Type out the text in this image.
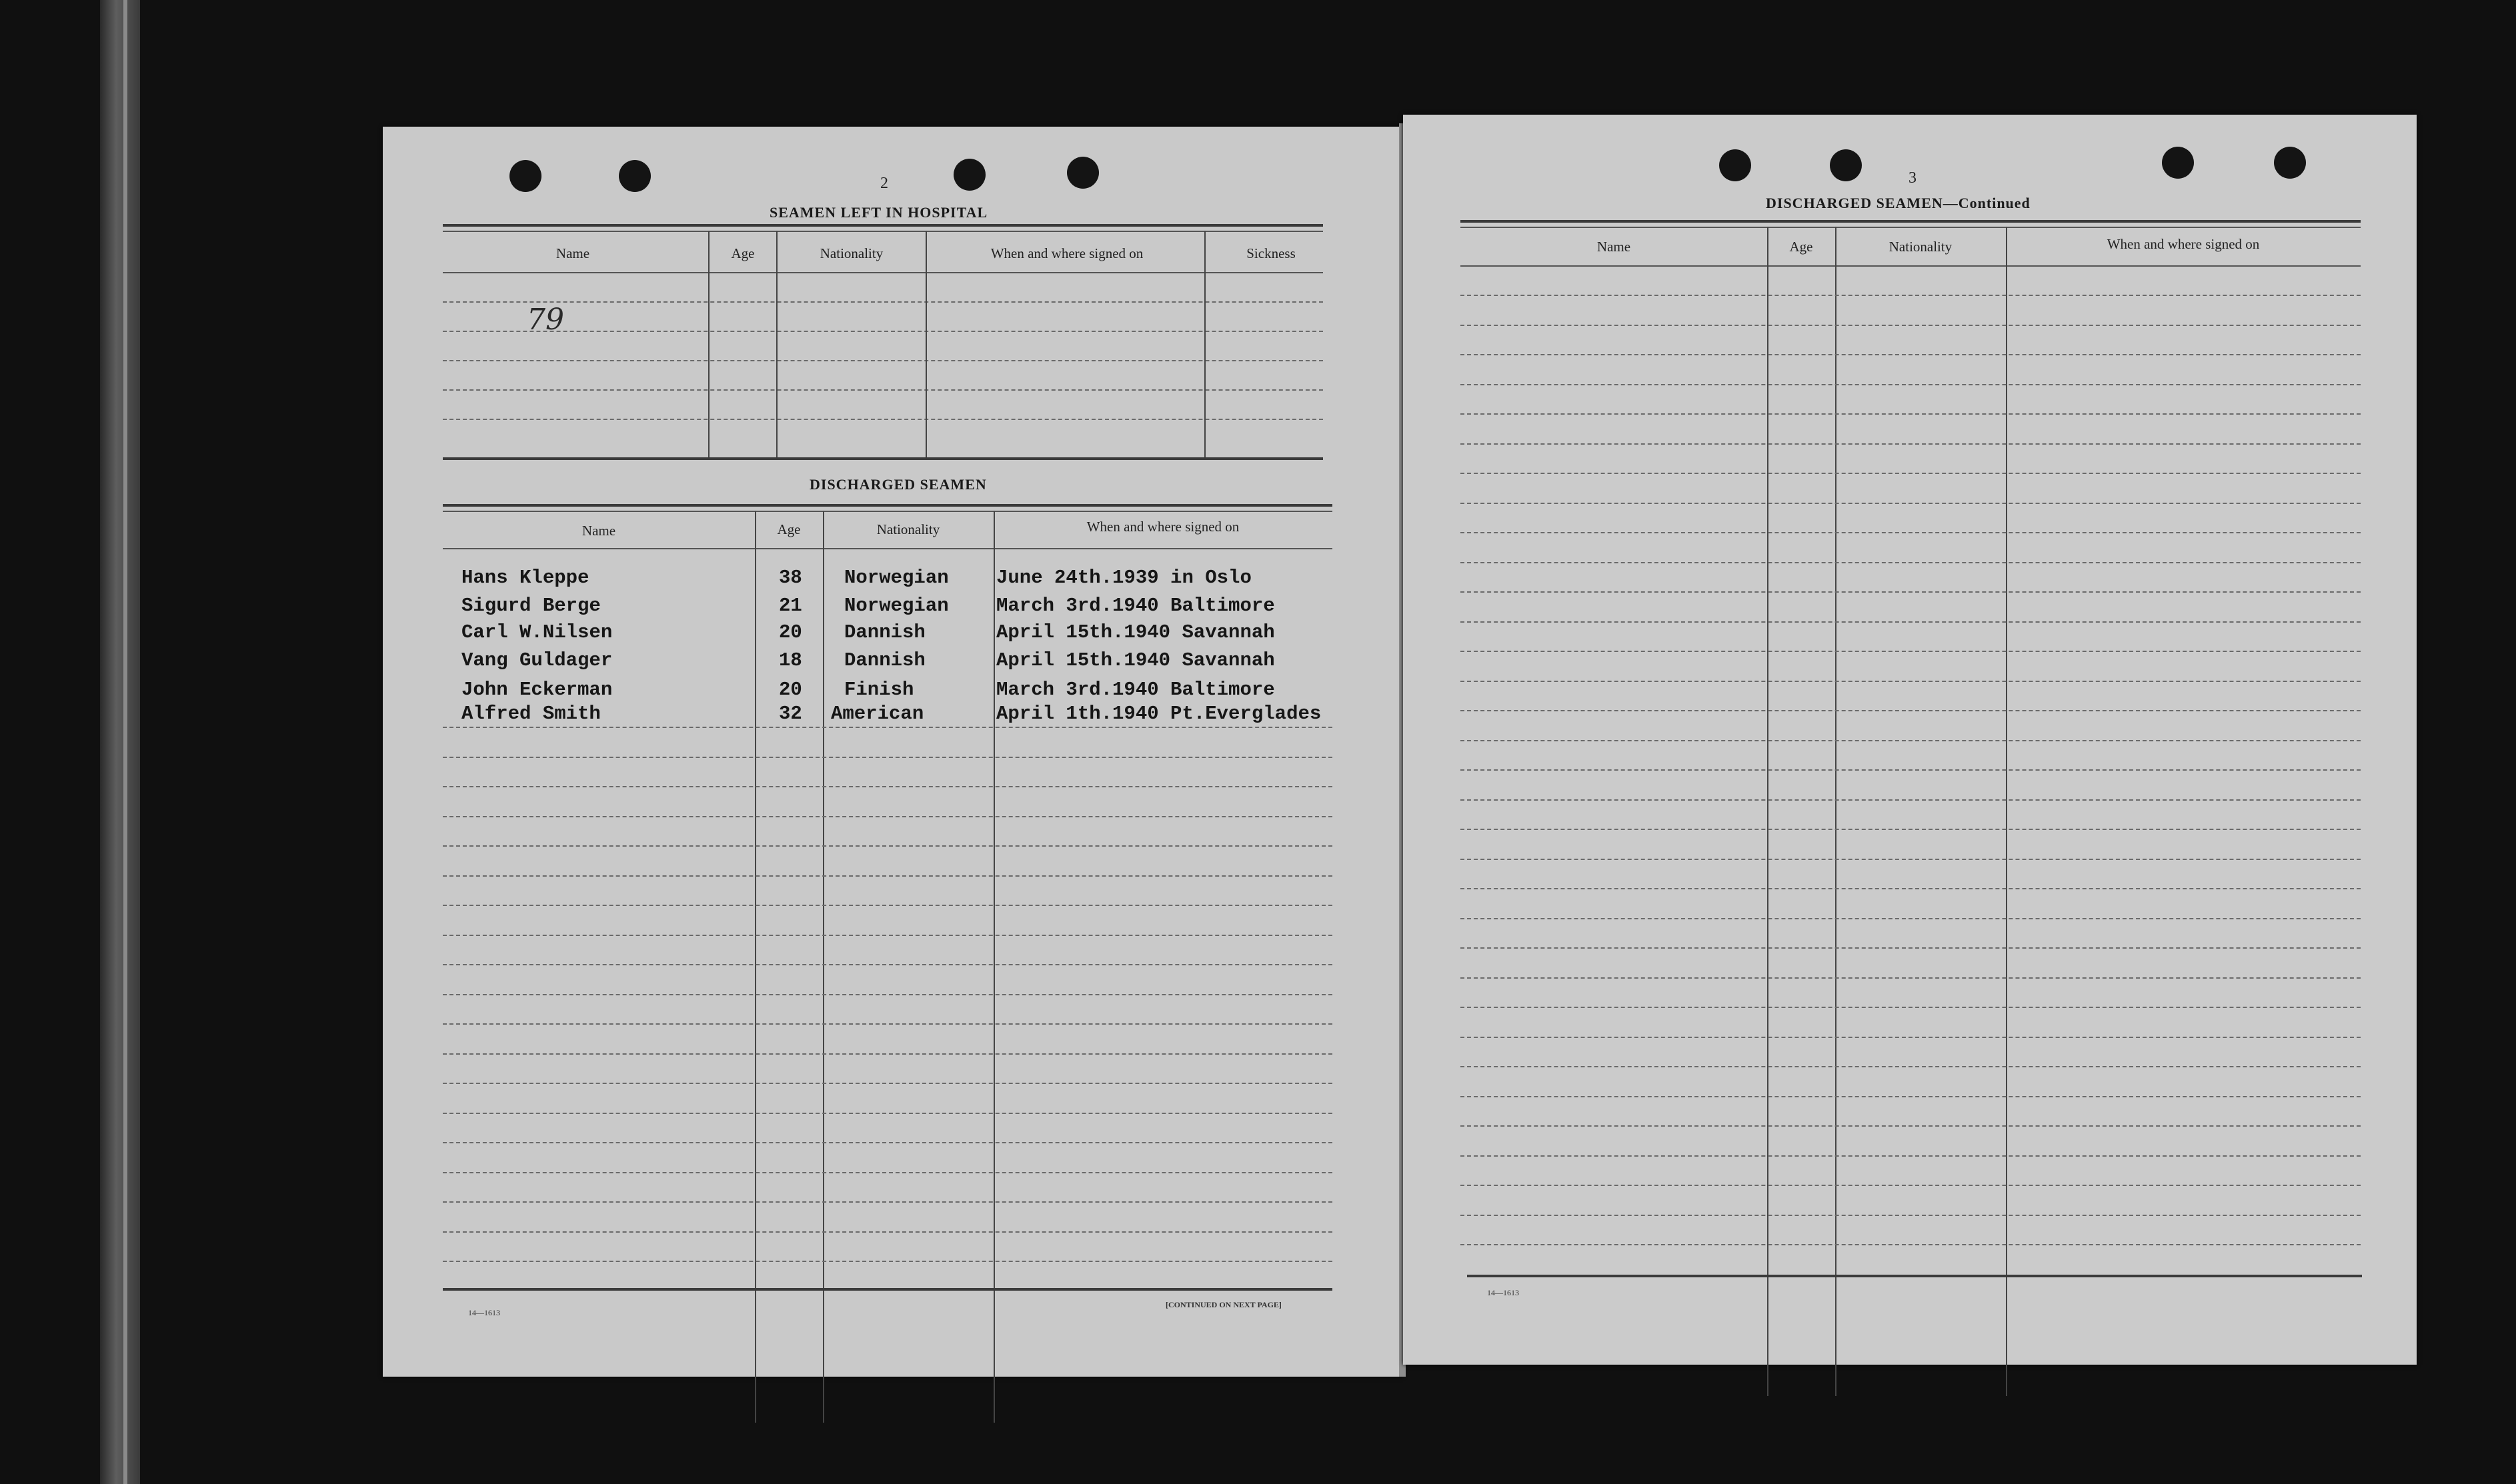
2
SEAMEN LEFT IN HOSPITAL
Name	Age	Nationality	When and where signed on	Sickness
79
DISCHARGED SEAMEN
Name	Age	Nationality	When and where signed on
Hans Kleppe	38 Norwegian June 24th.1939 in Oslo
Sigurd Berge	21 Norwegian March 3rd.1940 Baltimore
Carl W.Nilsen	20 Dannish	April 15th.1940 Savannah
Vang Guldager	18 Dannish	April 15th.1940 Savannah
John Eckerman	20 Finish	March 3rd.1940 Baltimore
Alfred Smith	32 American	April 1th.1940 Pt.Everglades
14—1613
[CONTINUED ON NEXT PAGE]
3
DISCHARGED SEAMEN—Continued
Name	Age	Nationality	When and where signed on
14—1613
